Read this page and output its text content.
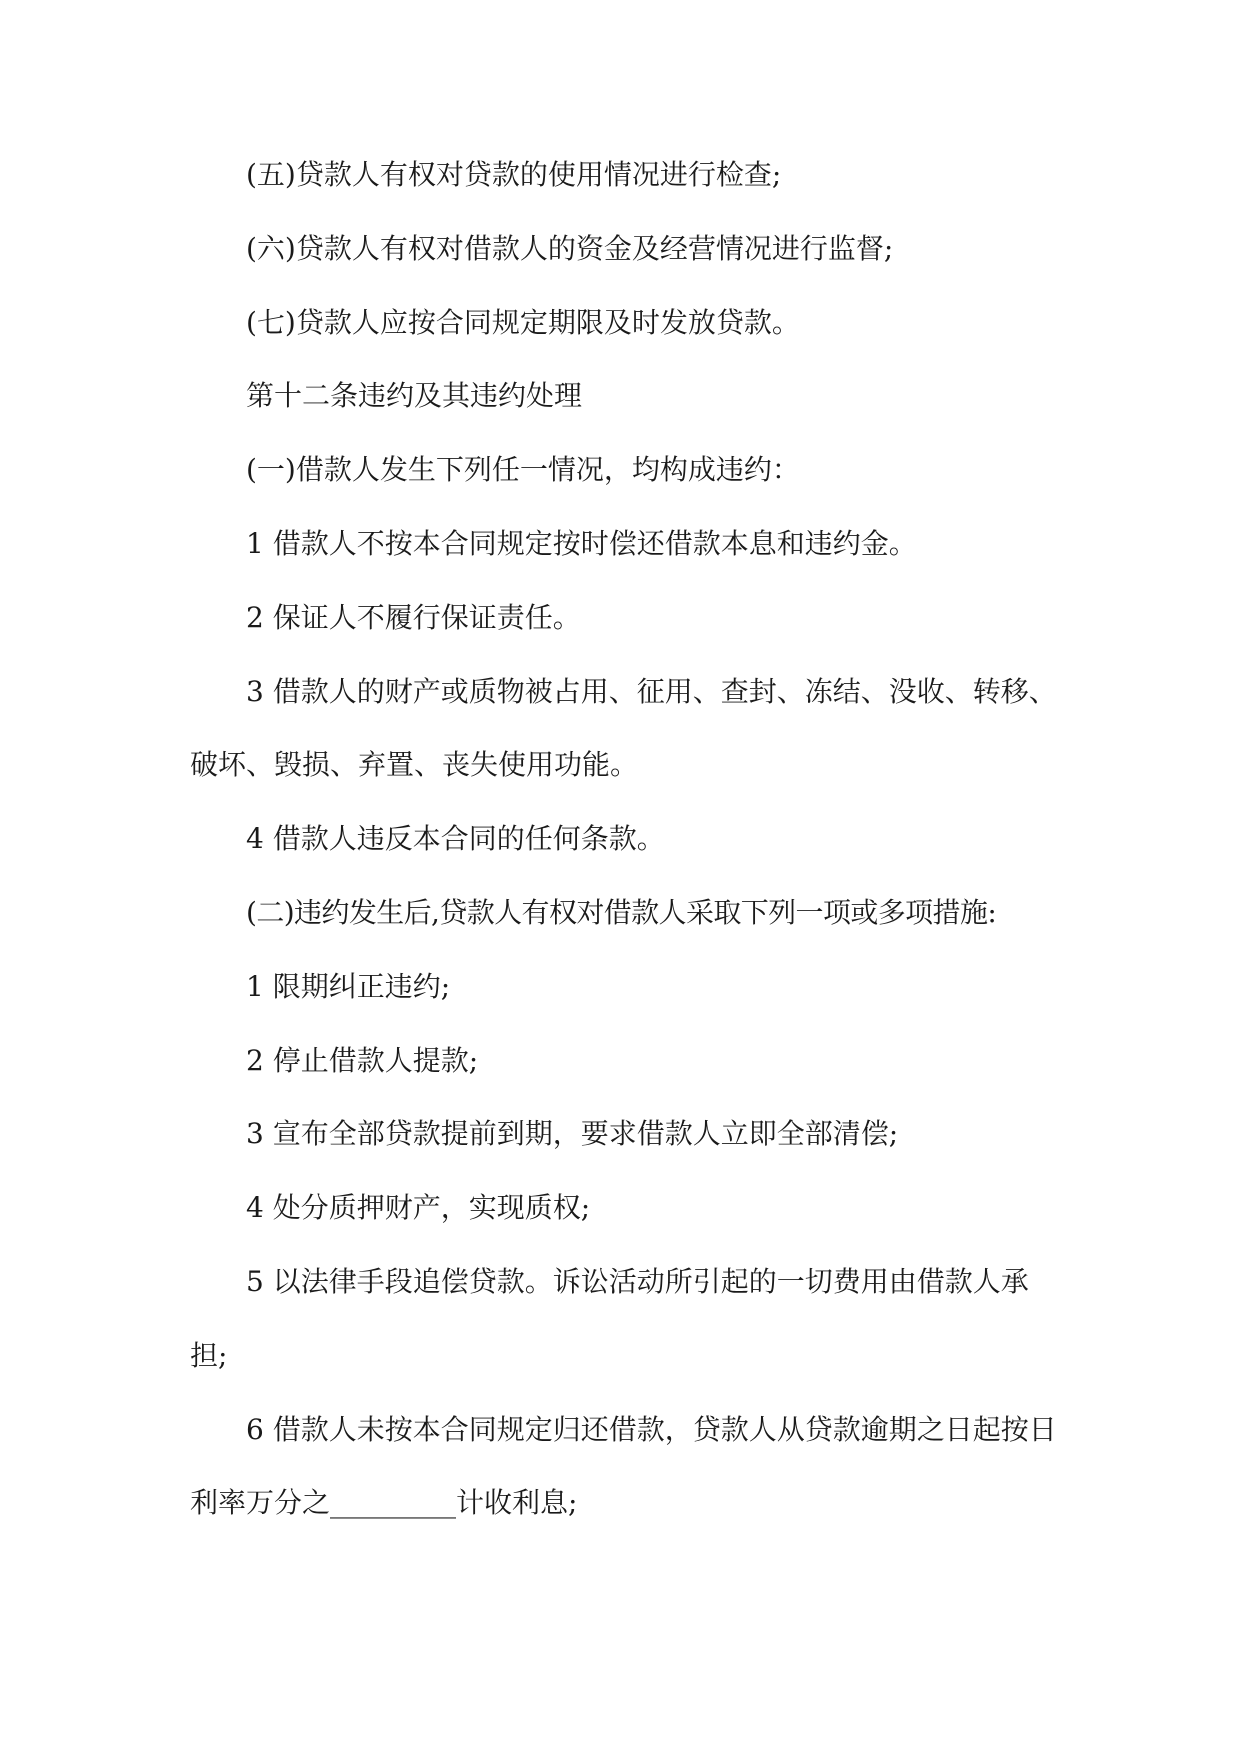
(五)贷款人有权对贷款的使用情况进行检查;

(六)贷款人有权对借款人的资金及经营情况进行监督;

(七)贷款人应按合同规定期限及时发放贷款。

第十二条违约及其违约处理

(一)借款人发生下列任一情况，均构成违约：

1 借款人不按本合同规定按时偿还借款本息和违约金。

2 保证人不履行保证责任。

3 借款人的财产或质物被占用、征用、查封、冻结、没收、转移、破坏、毁损、弃置、丧失使用功能。

4 借款人违反本合同的任何条款。

(二)违约发生后,贷款人有权对借款人采取下列一项或多项措施:

1 限期纠正违约;

2 停止借款人提款;

3 宣布全部贷款提前到期，要求借款人立即全部清偿;

4 处分质押财产，实现质权;

5 以法律手段追偿贷款。诉讼活动所引起的一切费用由借款人承担;

6 借款人未按本合同规定归还借款，贷款人从贷款逾期之日起按日利率万分之_________计收利息;
